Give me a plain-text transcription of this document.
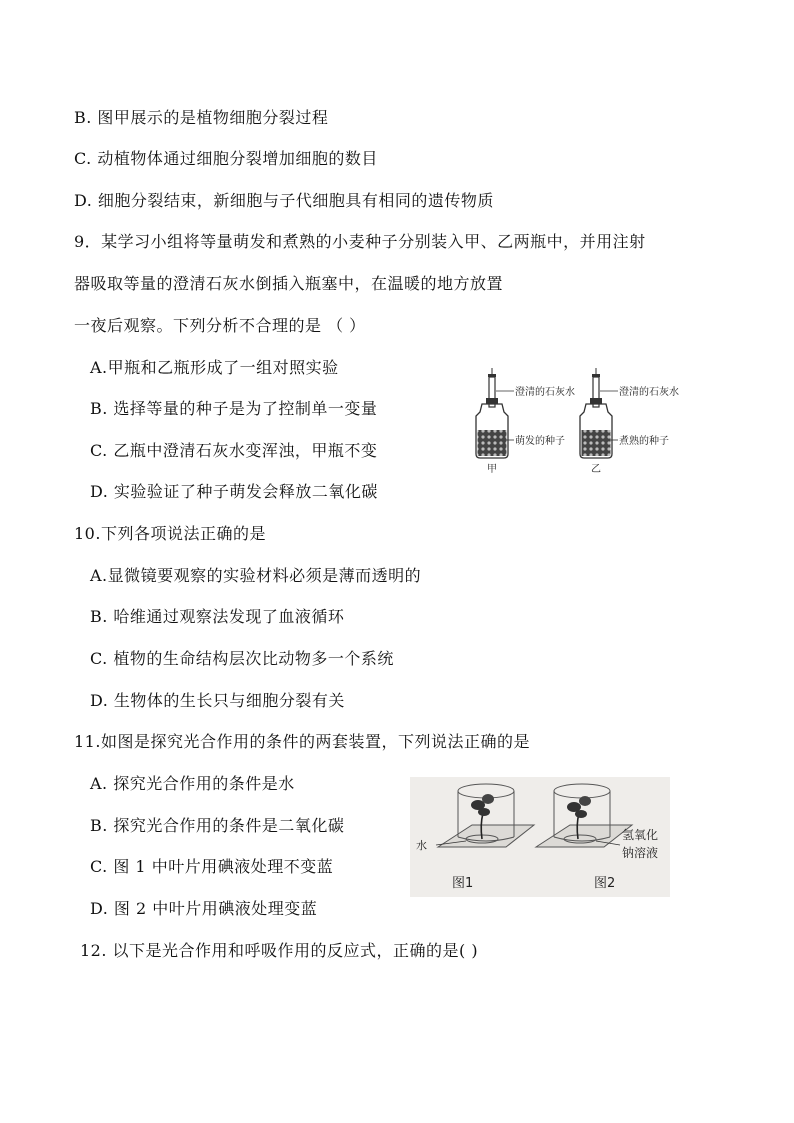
B. 图甲展示的是植物细胞分裂过程
C. 动植物体通过细胞分裂增加细胞的数目
D. 细胞分裂结束，新细胞与子代细胞具有相同的遗传物质
9．某学习小组将等量萌发和煮熟的小麦种子分别装入甲、乙两瓶中，并用注射
器吸取等量的澄清石灰水倒插入瓶塞中，在温暖的地方放置
一夜后观察。下列分析不合理的是 （ ）
A.甲瓶和乙瓶形成了一组对照实验
B. 选择等量的种子是为了控制单一变量
C. 乙瓶中澄清石灰水变浑浊，甲瓶不变
D. 实验验证了种子萌发会释放二氧化碳
10.下列各项说法正确的是
A.显微镜要观察的实验材料必须是薄而透明的
B. 哈维通过观察法发现了血液循环
C. 植物的生命结构层次比动物多一个系统
D. 生物体的生长只与细胞分裂有关
11.如图是探究光合作用的条件的两套装置，下列说法正确的是
A. 探究光合作用的条件是水
B. 探究光合作用的条件是二氧化碳
C. 图 1 中叶片用碘液处理不变蓝
D. 图 2 中叶片用碘液处理变蓝
12. 以下是光合作用和呼吸作用的反应式，正确的是( )
澄清的石灰水
萌发的种子
甲
澄清的石灰水
煮熟的种子
乙
水
图1
氢氧化
钠溶液
图2
